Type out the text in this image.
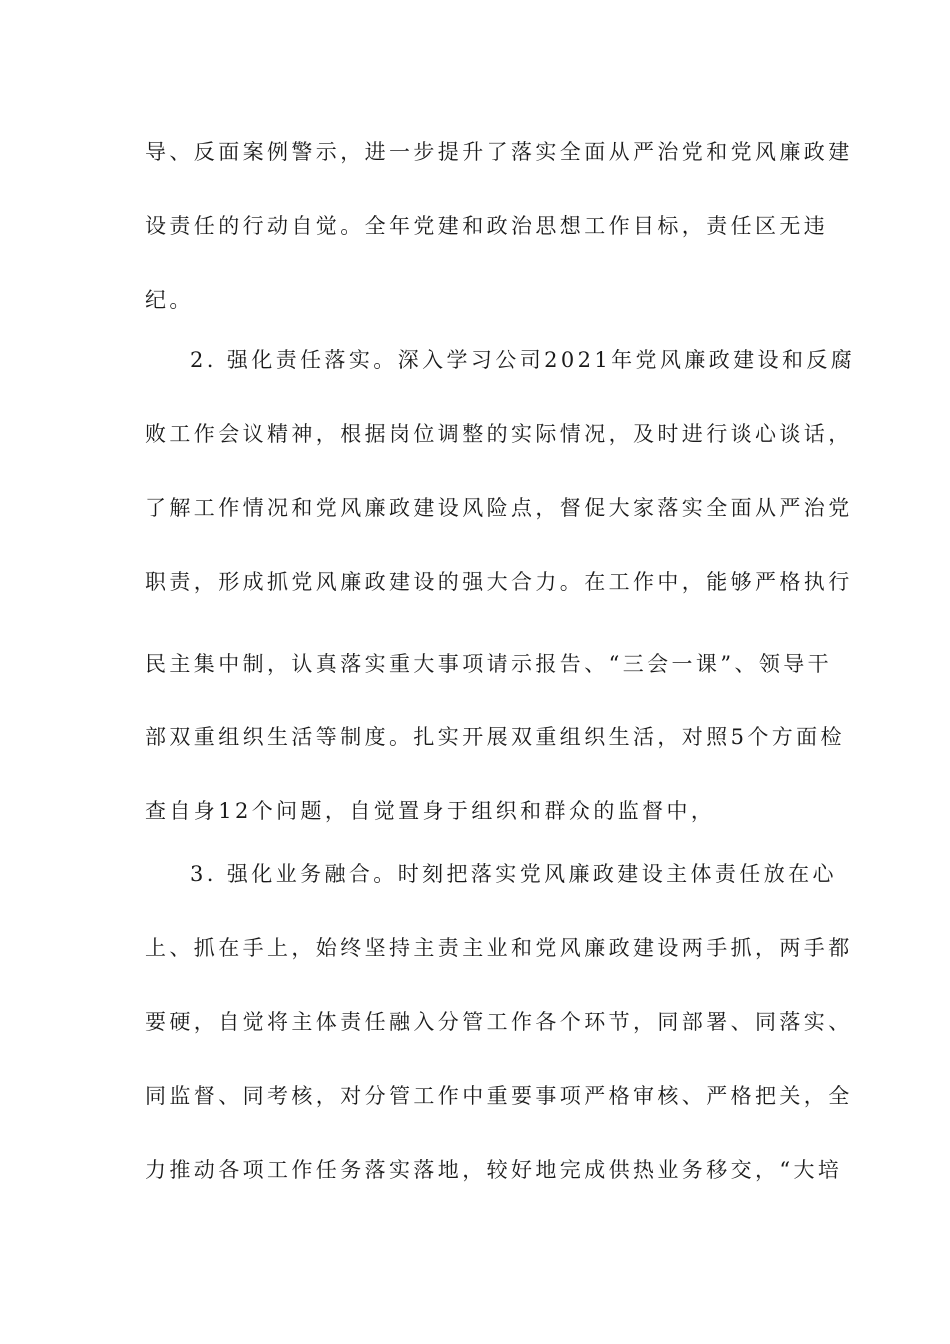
导、反面案例警示，进一步提升了落实全面从严治党和党风廉政建
设责任的行动自觉。全年党建和政治思想工作目标，责任区无违
纪。
2. 强化责任落实。深入学习公司2021年党风廉政建设和反腐
败工作会议精神，根据岗位调整的实际情况，及时进行谈心谈话，
了解工作情况和党风廉政建设风险点，督促大家落实全面从严治党
职责，形成抓党风廉政建设的强大合力。在工作中，能够严格执行
民主集中制，认真落实重大事项请示报告、“三会一课”、领导干
部双重组织生活等制度。扎实开展双重组织生活，对照5个方面检
查自身12个问题，自觉置身于组织和群众的监督中，
3. 强化业务融合。时刻把落实党风廉政建设主体责任放在心
上、抓在手上，始终坚持主责主业和党风廉政建设两手抓，两手都
要硬，自觉将主体责任融入分管工作各个环节，同部署、同落实、
同监督、同考核，对分管工作中重要事项严格审核、严格把关，全
力推动各项工作任务落实落地，较好地完成供热业务移交，“大培
